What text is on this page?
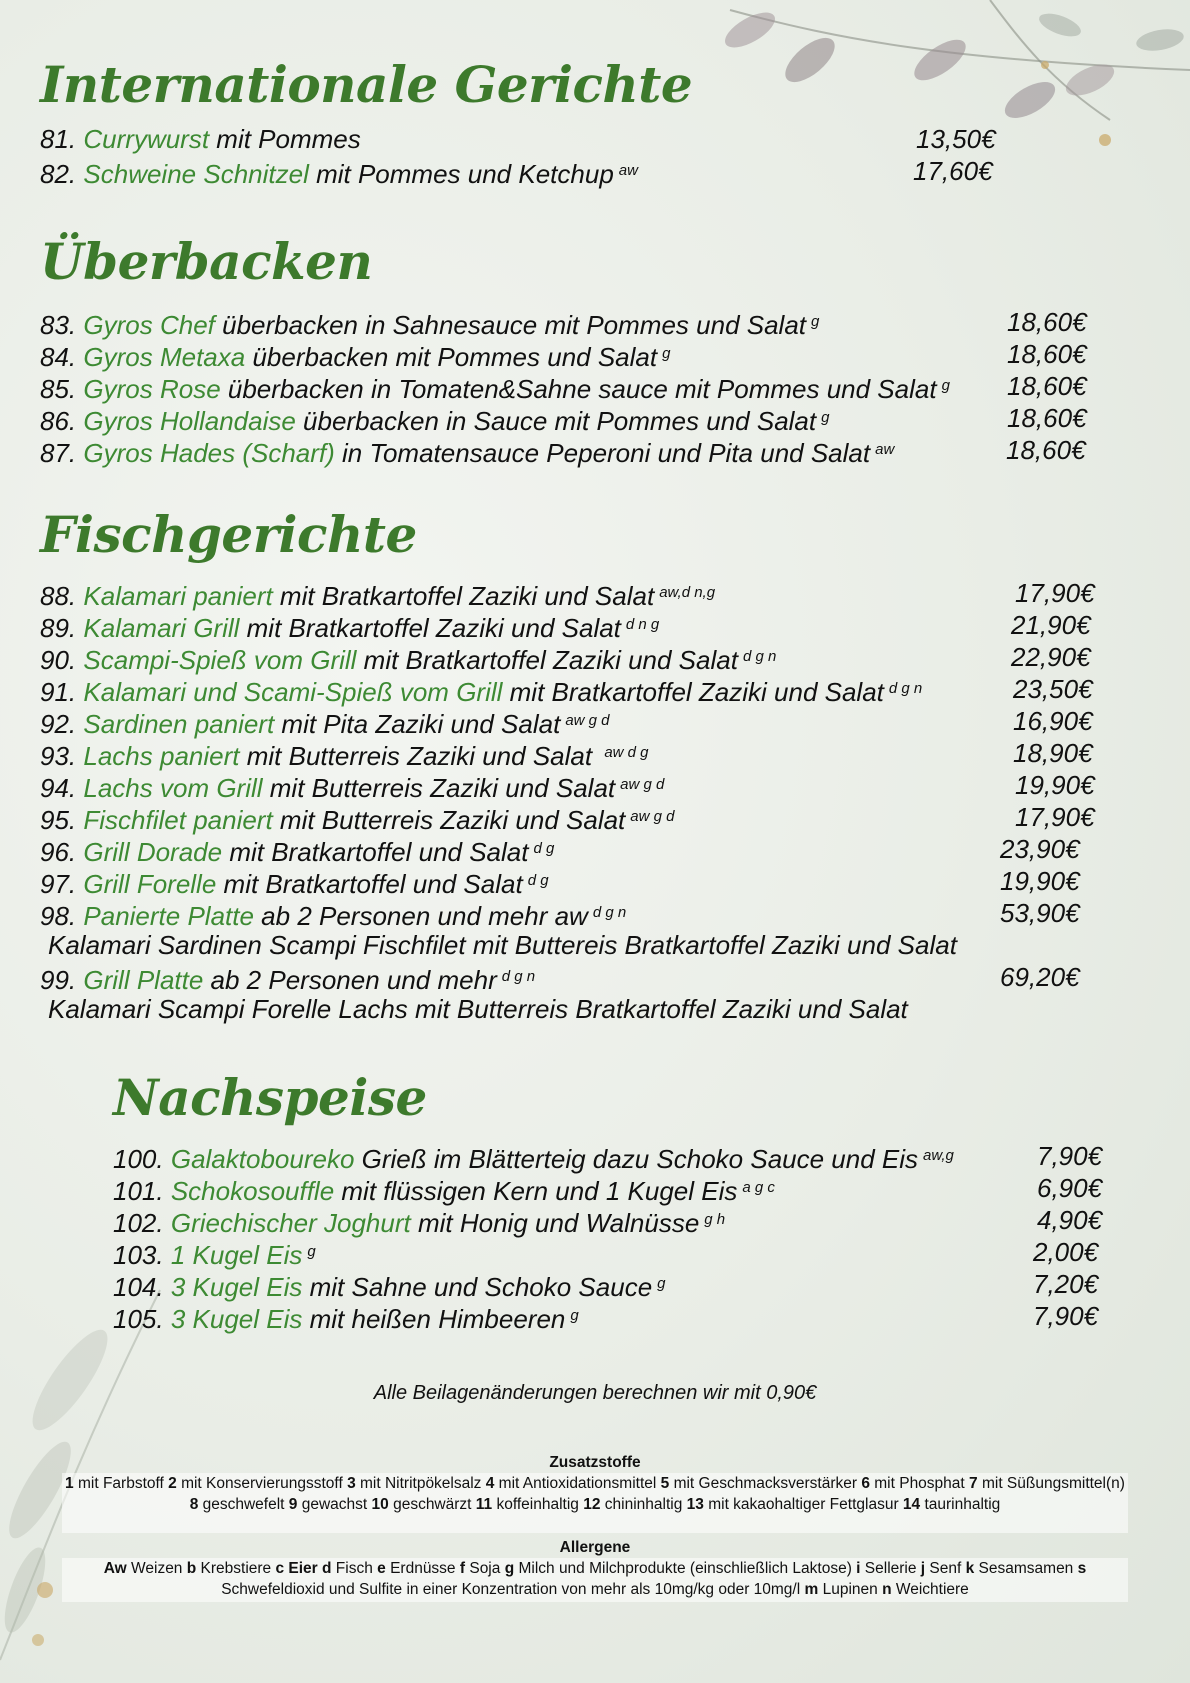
Internationale Gerichte
81. Currywurst mit Pommes	13,50€
82. Schweine Schnitzel mit Pommes und Ketchup $^{aw}$	17,60€
Überbacken
83. Gyros Chef überbacken in Sahnesauce mit Pommes und Salat $^g$	18,60€
84. Gyros Metaxa überbacken mit Pommes und Salat $^g$	18,60€
85. Gyros Rose überbacken in Tomaten&Sahne sauce mit Pommes und Salat $^g$ 18,60€
86. Gyros Hollandaise überbacken in Sauce mit Pommes und Salat $^g$	18,60€
87. Gyros Hades (Scharf) in Tomatensauce Peperoni und Pita und Salat $^{aw}$	18,60€
Fischgerichte
88. Kalamari paniert mit Bratkartoffel Zaziki und Salat $^{aw,d n,g}$	17,90€
89. Kalamari Grill mit Bratkartoffel Zaziki und Salat $^{d n g}$	21,90€
90. Scampi-Spieß vom Grill mit Bratkartoffel Zaziki und Salat $^{d g n}$	22,90€
91. Kalamari und Scami-Spieß vom Grill mit Bratkartoffel Zaziki und Salat $^{d g n}$	23,50€
92. Sardinen paniert mit Pita Zaziki und Salat $^{aw g d}$	16,90€
93. Lachs paniert mit Butterreis Zaziki und Salat $^{aw d g}$	18,90€
94. Lachs vom Grill mit Butterreis Zaziki und Salat $^{aw g d}$	19,90€
95. Fischfilet paniert mit Butterreis Zaziki und Salat $^{aw g d}$	17,90€
96. Grill Dorade mit Bratkartoffel und Salat $^{d g}$	23,90€
97. Grill Forelle mit Bratkartoffel und Salat $^{d g}$	19,90€
98. Panierte Platte ab 2 Personen und mehr aw $^{d g n}$	53,90€
Kalamari Sardinen Scampi Fischfilet mit Buttereis Bratkartoffel Zaziki und Salat
99. Grill Platte ab 2 Personen und mehr $^{d g n}$	69,20€
Kalamari Scampi Forelle Lachs mit Butterreis Bratkartoffel Zaziki und Salat
Nachspeise
100. Galaktoboureko Grieß im Blätterteig dazu Schoko Sauce und Eis $^{aw,g}$	7,90€
101. Schokosouffle mit flüssigen Kern und 1 Kugel Eis $^{a g c}$	6,90€
102. Griechischer Joghurt mit Honig und Walnüsse $^{g h}$	4,90€
103. 1 Kugel Eis $^g$	2,00€
104. 3 Kugel Eis mit Sahne und Schoko Sauce $^g$	7,20€
105. 3 Kugel Eis mit heißen Himbeeren $^g$	7,90€
Alle Beilagenänderungen berechnen wir mit 0,90€
Zusatzstoffe
1 mit Farbstoff 2 mit Konservierungsstoff 3 mit Nitritpökelsalz 4 mit Antioxidationsmittel 5 mit Geschmacksverstärker 6 mit Phosphat 7 mit Süßungsmittel(n) 8 geschwefelt 9 gewachst 10 geschwärzt 11 koffeinhaltig 12 chininhaltig 13 mit kakaohaltiger Fettglasur 14 taurinhaltig
Allergene
Aw Weizen b Krebstiere c Eier d Fisch e Erdnüsse f Soja g Milch und Milchprodukte (einschließlich Laktose) i Sellerie j Senf k Sesamsamen s Schwefeldioxid und Sulfite in einer Konzentration von mehr als 10mg/kg oder 10mg/l m Lupinen n Weichtiere
